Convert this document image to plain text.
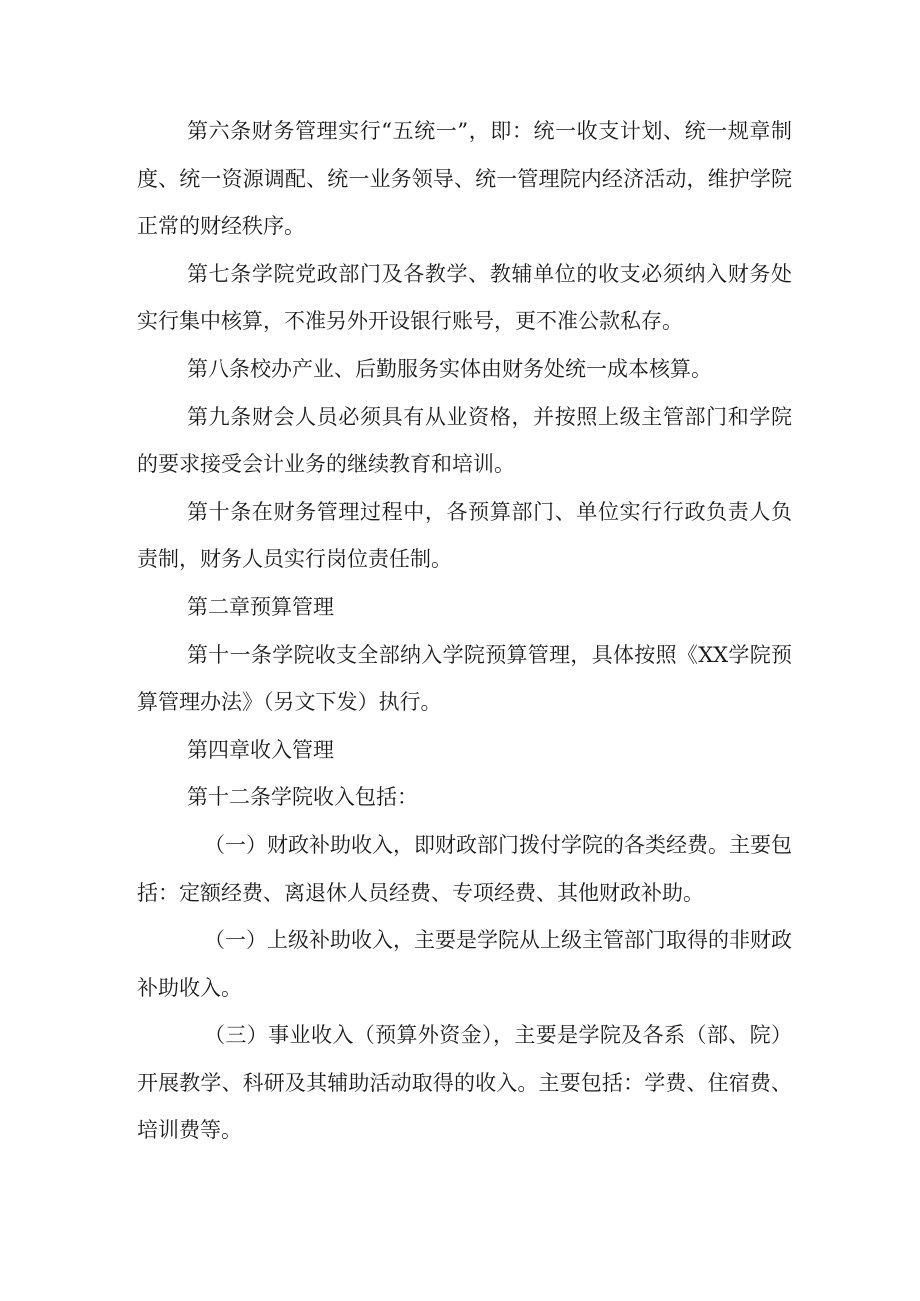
第六条财务管理实行“五统一”，即：统一收支计划、统一规章制度、统一资源调配、统一业务领导、统一管理院内经济活动，维护学院正常的财经秩序。

第七条学院党政部门及各教学、教辅单位的收支必须纳入财务处实行集中核算，不准另外开设银行账号，更不准公款私存。

第八条校办产业、后勤服务实体由财务处统一成本核算。

第九条财会人员必须具有从业资格，并按照上级主管部门和学院的要求接受会计业务的继续教育和培训。

第十条在财务管理过程中，各预算部门、单位实行行政负责人负责制，财务人员实行岗位责任制。

第二章预算管理

第十一条学院收支全部纳入学院预算管理，具体按照《XX学院预算管理办法》（另文下发）执行。

第四章收入管理

第十二条学院收入包括：

（一）财政补助收入，即财政部门拨付学院的各类经费。主要包括：定额经费、离退休人员经费、专项经费、其他财政补助。

（一）上级补助收入，主要是学院从上级主管部门取得的非财政补助收入。

（三）事业收入（预算外资金），主要是学院及各系（部、院）开展教学、科研及其辅助活动取得的收入。主要包括：学费、住宿费、培训费等。
